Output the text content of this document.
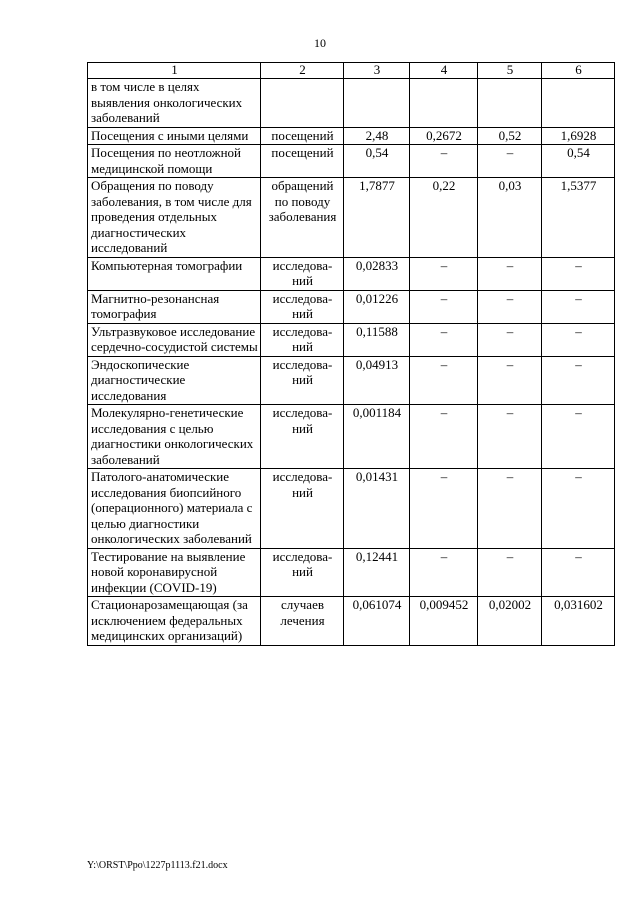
10
1	2	3	4	5	6
в том числе в целях выявления онкологических заболеваний					
Посещения с иными целями	посещений	2,48	0,2672	0,52	1,6928
Посещения по неотложной медицинской помощи	посещений	0,54	–	–	0,54
Обращения по поводу заболевания, в том числе для проведения отдельных диагностических исследований	обращений по поводу заболевания	1,7877	0,22	0,03	1,5377
Компьютерная томографии	исследова-ний	0,02833	–	–	–
Магнитно-резонансная томография	исследова-ний	0,01226	–	–	–
Ультразвуковое исследование сердечно-сосудистой системы	исследова-ний	0,11588	–	–	–
Эндоскопические диагностические исследования	исследова-ний	0,04913	–	–	–
Молекулярно-генетические исследования с целью диагностики онкологических заболеваний	исследова-ний	0,001184	–	–	–
Патолого-анатомические исследования биопсийного (операционного) материала с целью диагностики онкологических заболеваний	исследова-ний	0,01431	–	–	–
Тестирование на выявление новой коронавирусной инфекции (COVID-19)	исследова-ний	0,12441	–	–	–
Стационарозамещающая (за исключением федеральных медицинских организаций)	случаев лечения	0,061074	0,009452	0,02002	0,031602
Y:\ORST\Ppo\1227p1113.f21.docx
